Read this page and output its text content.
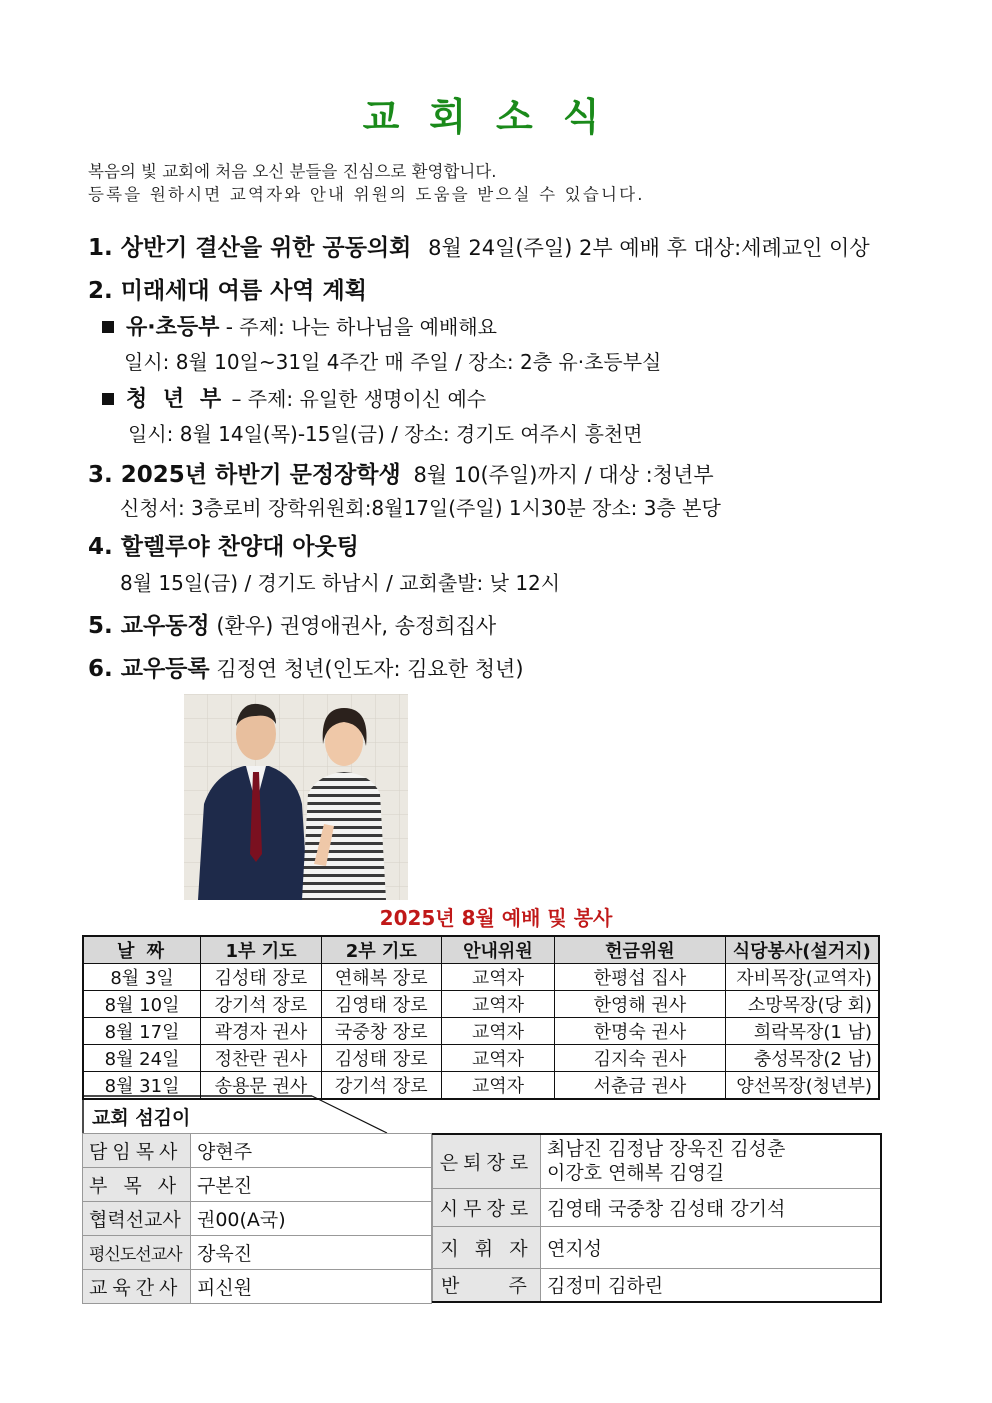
교회소식
복음의 빛 교회에 처음 오신 분들을 진심으로 환영합니다.
등록을 원하시면 교역자와 안내 위원의 도움을 받으실 수 있습니다.
1. 상반기 결산을 위한 공동의회 8월 24일(주일) 2부 예배 후 대상:세례교인 이상
2. 미래세대 여름 사역 계획
유·초등부 - 주제: 나는 하나님을 예배해요
일시: 8월 10일~31일 4주간 매 주일 / 장소: 2층 유·초등부실
청 년 부 – 주제: 유일한 생명이신 예수
일시: 8월 14일(목)-15일(금) / 장소: 경기도 여주시 흥천면
3. 2025년 하반기 문정장학생 8월 10(주일)까지 / 대상 :청년부
신청서: 3층로비 장학위원회:8월17일(주일) 1시30분 장소: 3층 본당
4. 할렐루야 찬양대 아웃팅
8월 15일(금) / 경기도 하남시 / 교회출발: 낮 12시
5. 교우동정 (환우) 권영애권사, 송정희집사
6. 교우등록 김정연 청년(인도자: 김요한 청년)
2025년 8월 예배 및 봉사
날 짜	1부 기도	2부 기도	안내위원	헌금위원	식당봉사(설거지)
8월 3일	김성태 장로	연해복 장로	교역자	한평섭 집사	자비목장(교역자)
8월 10일	강기석 장로	김영태 장로	교역자	한영해 권사	소망목장(당 회)
8월 17일	곽경자 권사	국중창 장로	교역자	한명숙 권사	희락목장(1 남)
8월 24일	정찬란 권사	김성태 장로	교역자	김지숙 권사	충성목장(2 남)
8월 31일	송용문 권사	강기석 장로	교역자	서춘금 권사	양선목장(청년부)
교회 섬김이
담임목사	양현주
부 목 사	구본진
협력선교사	권00(A국)
평신도선교사	장욱진
교육간사	피신원
은퇴장로	최남진 김정남 장욱진 김성춘
이강호 연해복 김영길

시무장로	김영태 국중창 김성태 강기석
지 휘 자	연지성
반    주	김정미 김하린
